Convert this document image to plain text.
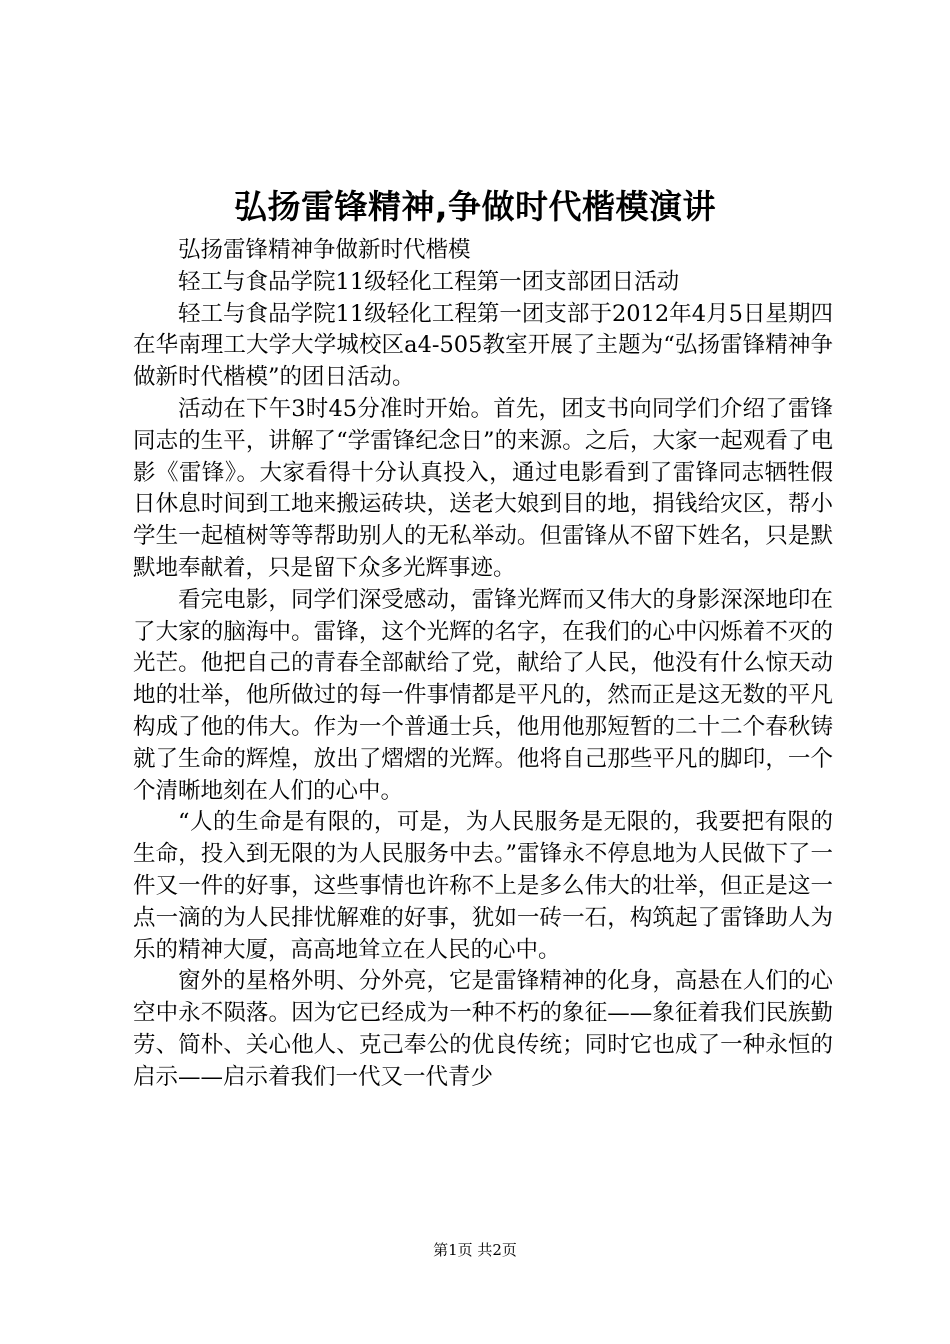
弘扬雷锋精神,争做时代楷模演讲

弘扬雷锋精神争做新时代楷模

轻工与食品学院11级轻化工程第一团支部团日活动

轻工与食品学院11级轻化工程第一团支部于2012年4月5日星期四在华南理工大学大学城校区a4-505教室开展了主题为“弘扬雷锋精神争做新时代楷模”的团日活动。

活动在下午3时45分准时开始。首先，团支书向同学们介绍了雷锋同志的生平，讲解了“学雷锋纪念日”的来源。之后，大家一起观看了电影《雷锋》。大家看得十分认真投入，通过电影看到了雷锋同志牺牲假日休息时间到工地来搬运砖块，送老大娘到目的地，捐钱给灾区，帮小学生一起植树等等帮助别人的无私举动。但雷锋从不留下姓名，只是默默地奉献着，只是留下众多光辉事迹。

看完电影，同学们深受感动，雷锋光辉而又伟大的身影深深地印在了大家的脑海中。雷锋，这个光辉的名字，在我们的心中闪烁着不灭的光芒。他把自己的青春全部献给了党，献给了人民，他没有什么惊天动地的壮举，他所做过的每一件事情都是平凡的，然而正是这无数的平凡构成了他的伟大。作为一个普通士兵，他用他那短暂的二十二个春秋铸就了生命的辉煌，放出了熠熠的光辉。他将自己那些平凡的脚印，一个个清晰地刻在人们的心中。

“人的生命是有限的，可是，为人民服务是无限的，我要把有限的生命，投入到无限的为人民服务中去。”雷锋永不停息地为人民做下了一件又一件的好事，这些事情也许称不上是多么伟大的壮举，但正是这一点一滴的为人民排忧解难的好事，犹如一砖一石，构筑起了雷锋助人为乐的精神大厦，高高地耸立在人民的心中。

窗外的星格外明、分外亮，它是雷锋精神的化身，高悬在人们的心空中永不陨落。因为它已经成为一种不朽的象征——象征着我们民族勤劳、简朴、关心他人、克己奉公的优良传统；同时它也成了一种永恒的启示——启示着我们一代又一代青少

第1页 共2页
